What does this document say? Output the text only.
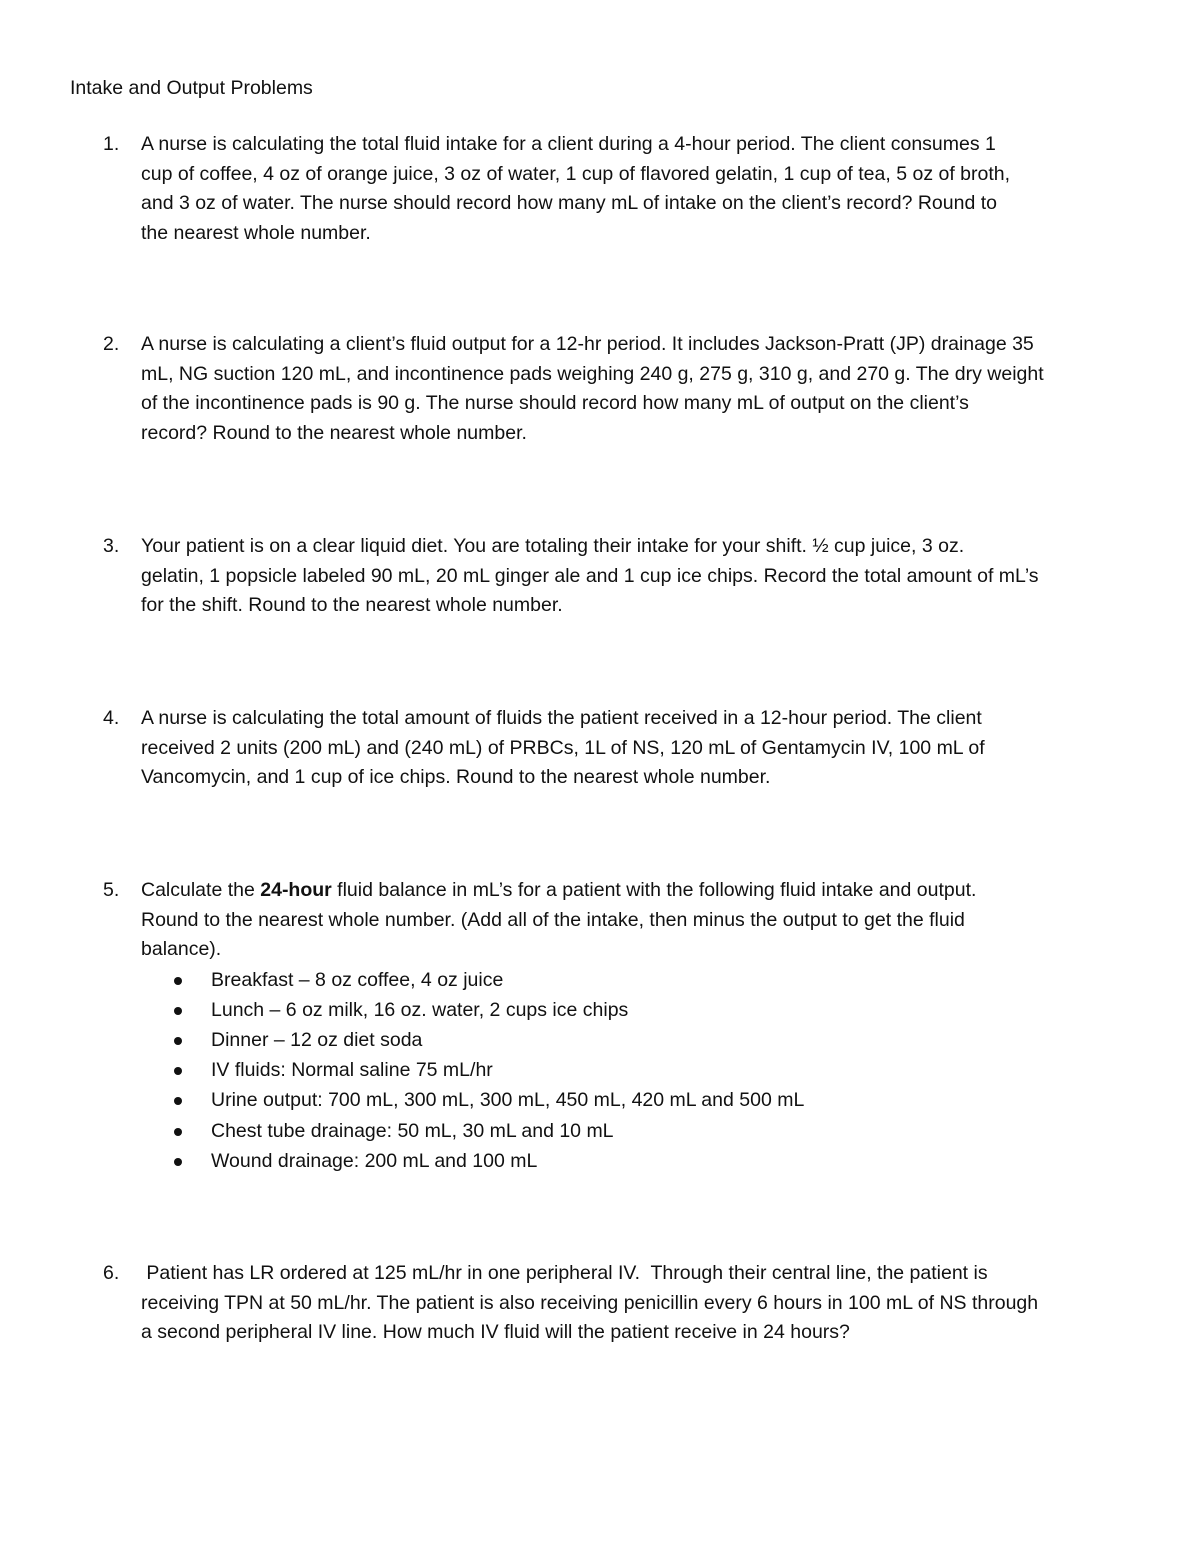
Intake and Output Problems
1. A nurse is calculating the total fluid intake for a client during a 4-hour period. The client consumes 1
cup of coffee, 4 oz of orange juice, 3 oz of water, 1 cup of flavored gelatin, 1 cup of tea, 5 oz of broth,
and 3 oz of water. The nurse should record how many mL of intake on the client’s record? Round to
the nearest whole number.
2. A nurse is calculating a client’s fluid output for a 12-hr period. It includes Jackson-Pratt (JP) drainage 35
mL, NG suction 120 mL, and incontinence pads weighing 240 g, 275 g, 310 g, and 270 g. The dry weight
of the incontinence pads is 90 g. The nurse should record how many mL of output on the client’s
record? Round to the nearest whole number.
3. Your patient is on a clear liquid diet. You are totaling their intake for your shift. ½ cup juice, 3 oz.
gelatin, 1 popsicle labeled 90 mL, 20 mL ginger ale and 1 cup ice chips. Record the total amount of mL’s
for the shift. Round to the nearest whole number.
4. A nurse is calculating the total amount of fluids the patient received in a 12-hour period. The client
received 2 units (200 mL) and (240 mL) of PRBCs, 1L of NS, 120 mL of Gentamycin IV, 100 mL of
Vancomycin, and 1 cup of ice chips. Round to the nearest whole number.
5. Calculate the 24-hour fluid balance in mL’s for a patient with the following fluid intake and output.
Round to the nearest whole number. (Add all of the intake, then minus the output to get the fluid
balance).
Breakfast – 8 oz coffee, 4 oz juice
Lunch – 6 oz milk, 16 oz. water, 2 cups ice chips
Dinner – 12 oz diet soda
IV fluids: Normal saline 75 mL/hr
Urine output: 700 mL, 300 mL, 300 mL, 450 mL, 420 mL and 500 mL
Chest tube drainage: 50 mL, 30 mL and 10 mL
Wound drainage: 200 mL and 100 mL
6. Patient has LR ordered at 125 mL/hr in one peripheral IV.  Through their central line, the patient is
receiving TPN at 50 mL/hr. The patient is also receiving penicillin every 6 hours in 100 mL of NS through
a second peripheral IV line. How much IV fluid will the patient receive in 24 hours?
